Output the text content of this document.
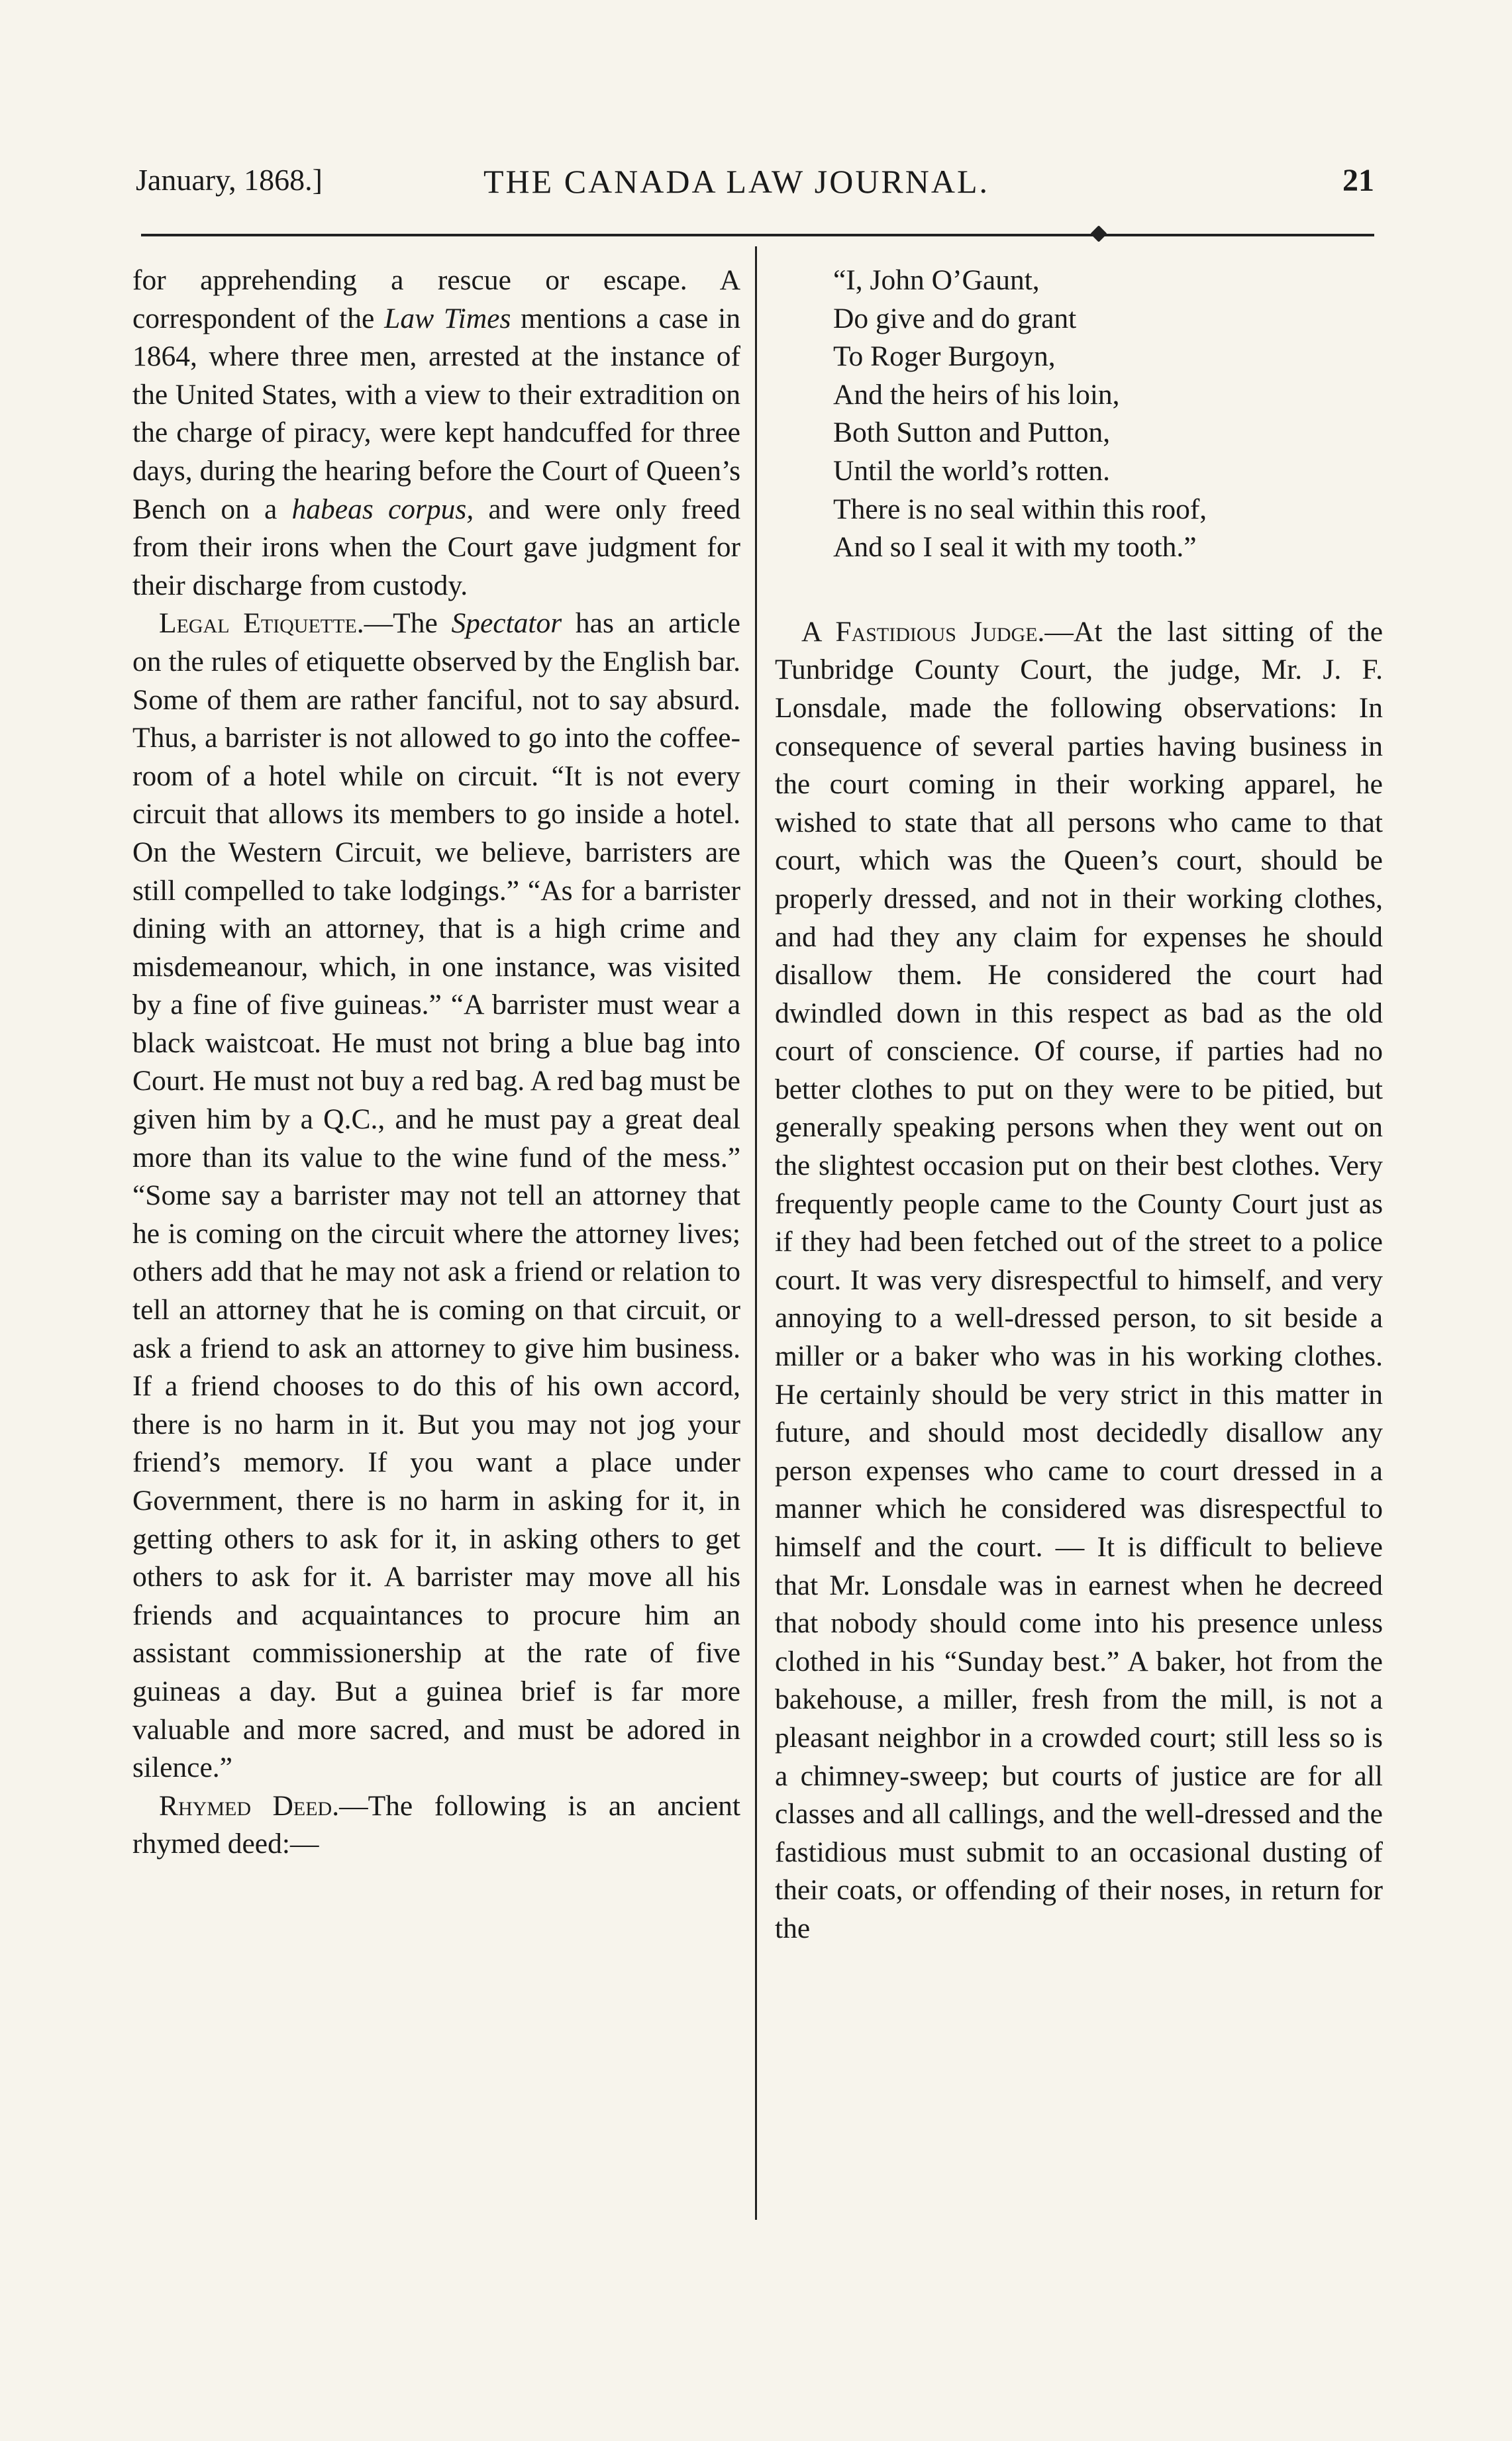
January, 1868.]	THE CANADA LAW JOURNAL.	21

for apprehending a rescue or escape. A correspondent of the Law Times mentions a case in 1864, where three men, arrested at the instance of the United States, with a view to their extradition on the charge of piracy, were kept handcuffed for three days, during the hearing before the Court of Queen’s Bench on a habeas corpus, and were only freed from their irons when the Court gave judgment for their discharge from custody.

Legal Etiquette.—The Spectator has an article on the rules of etiquette observed by the English bar. Some of them are rather fanciful, not to say absurd. Thus, a barrister is not allowed to go into the coffee-room of a hotel while on circuit. “It is not every circuit that allows its members to go inside a hotel. On the Western Circuit, we believe, barristers are still compelled to take lodgings.” “As for a barrister dining with an attorney, that is a high crime and misdemeanour, which, in one instance, was visited by a fine of five guineas.” “A barrister must wear a black waistcoat. He must not bring a blue bag into Court. He must not buy a red bag. A red bag must be given him by a Q.C., and he must pay a great deal more than its value to the wine fund of the mess.” “Some say a barrister may not tell an attorney that he is coming on the circuit where the attorney lives; others add that he may not ask a friend or relation to tell an attorney that he is coming on that circuit, or ask a friend to ask an attorney to give him business. If a friend chooses to do this of his own accord, there is no harm in it. But you may not jog your friend’s memory. If you want a place under Government, there is no harm in asking for it, in getting others to ask for it, in asking others to get others to ask for it. A barrister may move all his friends and acquaintances to procure him an assistant commissionership at the rate of five guineas a day. But a guinea brief is far more valuable and more sacred, and must be adored in silence.”

Rhymed Deed.—The following is an ancient rhymed deed:—

“I, John O’Gaunt,
Do give and do grant
To Roger Burgoyn,
And the heirs of his loin,
Both Sutton and Putton,
Until the world’s rotten.
There is no seal within this roof,
And so I seal it with my tooth.”

A Fastidious Judge.—At the last sitting of the Tunbridge County Court, the judge, Mr. J. F. Lonsdale, made the following observations: In consequence of several parties having business in the court coming in their working apparel, he wished to state that all persons who came to that court, which was the Queen’s court, should be properly dressed, and not in their working clothes, and had they any claim for expenses he should disallow them. He considered the court had dwindled down in this respect as bad as the old court of conscience. Of course, if parties had no better clothes to put on they were to be pitied, but generally speaking persons when they went out on the slightest occasion put on their best clothes. Very frequently people came to the County Court just as if they had been fetched out of the street to a police court. It was very disrespectful to himself, and very annoying to a well-dressed person, to sit beside a miller or a baker who was in his working clothes. He certainly should be very strict in this matter in future, and should most decidedly disallow any person expenses who came to court dressed in a manner which he considered was disrespectful to himself and the court. — It is difficult to believe that Mr. Lonsdale was in earnest when he decreed that nobody should come into his presence unless clothed in his “Sunday best.” A baker, hot from the bakehouse, a miller, fresh from the mill, is not a pleasant neighbor in a crowded court; still less so is a chimney-sweep; but courts of justice are for all classes and all callings, and the well-dressed and the fastidious must submit to an occasional dusting of their coats, or offending of their noses, in return for the
